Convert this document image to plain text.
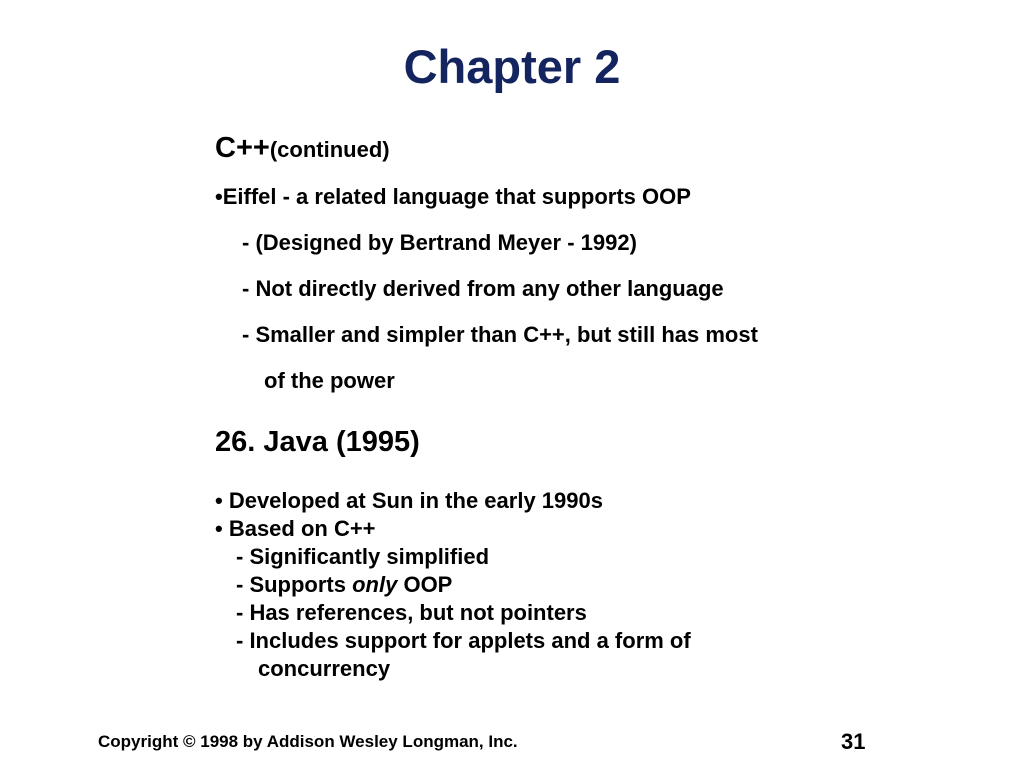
Chapter 2
C++(continued)
•Eiffel - a related language that supports OOP
- (Designed by Bertrand Meyer - 1992)
- Not directly derived from any other language
- Smaller and simpler than C++, but still has most
of the power
26. Java (1995)
• Developed at Sun in the early 1990s
• Based on C++
- Significantly simplified
- Supports only OOP
- Has references, but not pointers
- Includes support for applets and a form of
concurrency
Copyright © 1998 by Addison Wesley Longman, Inc.	31
